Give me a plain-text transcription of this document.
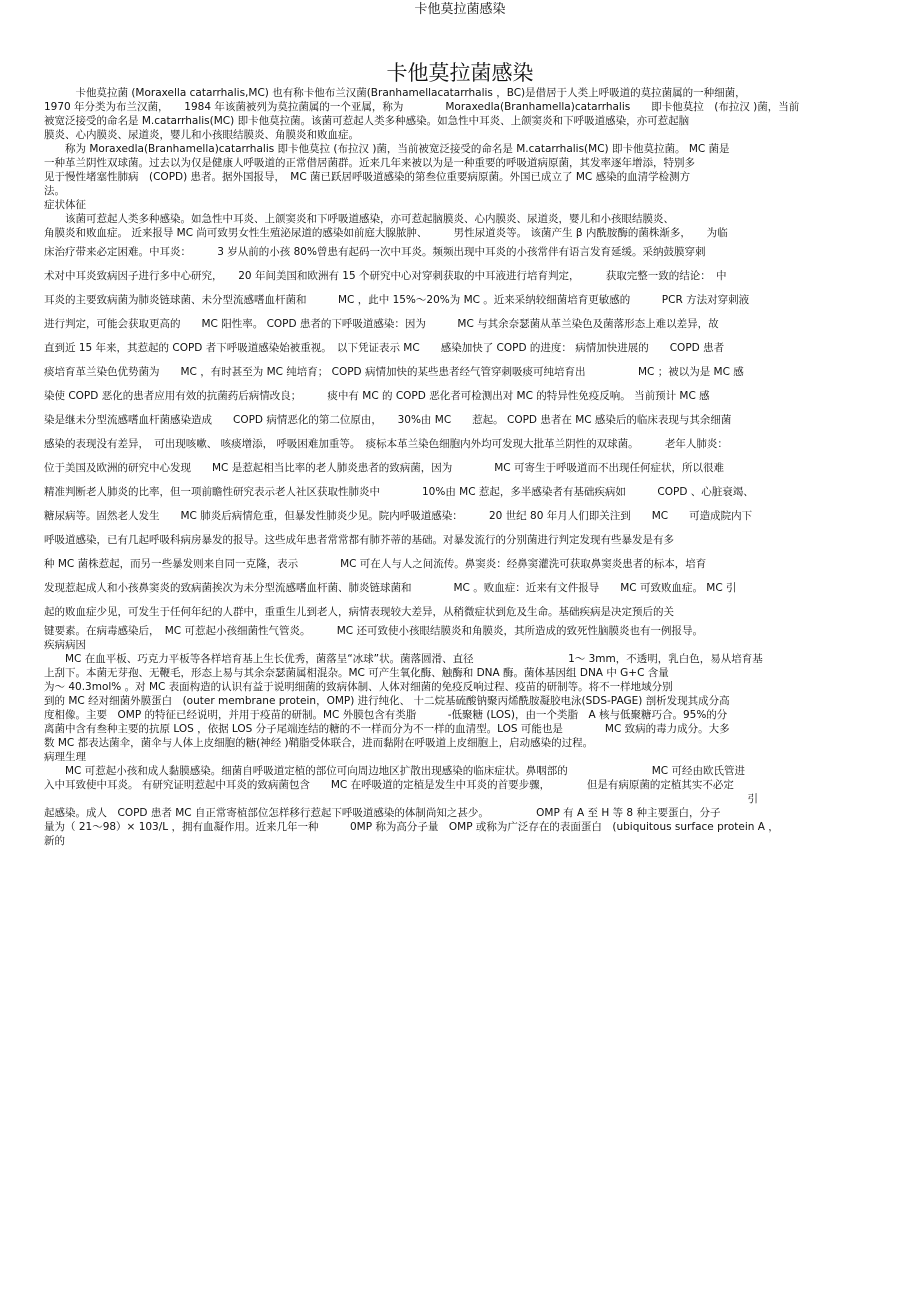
卡他莫拉菌感染
卡他莫拉菌感染

　　　卡他莫拉菌 (Moraxella catarrhalis,MC) 也有称卡他布兰汉菌(Branhamellacatarrhalis ，BC)是借居于人类上呼吸道的莫拉菌属的一种细菌，

1970 年分类为布兰汉菌，　　1984 年该菌被列为莫拉菌属的一个亚属，称为　　　　Moraxedla(Branhamella)catarrhalis　　即卡他莫拉　(布拉汉 )菌，当前

被宽泛接受的命名是 M.catarrhalis(MC) 即卡他莫拉菌。该菌可惹起人类多种感染。如急性中耳炎、上颌窦炎和下呼吸道感染，亦可惹起脑

膜炎、心内膜炎、尿道炎，婴儿和小孩眼结膜炎、角膜炎和败血症。

　　称为 Moraxedla(Branhamella)catarrhalis 即卡他莫拉 (布拉汉 )菌，当前被宽泛接受的命名是 M.catarrhalis(MC) 即卡他莫拉菌。 MC 菌是

一种革兰阴性双球菌。过去以为仅是健康人呼吸道的正常借居菌群。近来几年来被以为是一种重要的呼吸道病原菌，其发率逐年增添，特别多

见于慢性堵塞性肺病　(COPD) 患者。据外国报导，　MC 菌已跃居呼吸道感染的第叁位重要病原菌。外国已成立了 MC 感染的血清学检测方

法。

症状体征

　　该菌可惹起人类多种感染。如急性中耳炎、上颌窦炎和下呼吸道感染，亦可惹起脑膜炎、心内膜炎、尿道炎，婴儿和小孩眼结膜炎、

角膜炎和败血症。 近来报导 MC 尚可致男女性生殖泌尿道的感染如前庭大腺脓肿、　　　男性尿道炎等。 该菌产生 β 内酰胺酶的菌株渐多，　　为临

床治疗带来必定困难。中耳炎：　　　3 岁从前的小孩 80%曾患有起码一次中耳炎。频频出现中耳炎的小孩常伴有语言发育延缓。采纳鼓膜穿刺

术对中耳炎致病因子进行多中心研究，　　20 年间美国和欧洲有 15 个研究中心对穿刺获取的中耳液进行培育判定，　　　获取完整一致的结论：　中

耳炎的主要致病菌为肺炎链球菌、未分型流感嗜血杆菌和　　　MC ，此中 15%～20%为 MC 。近来采纳较细菌培育更敏感的　　　PCR 方法对穿刺液

进行判定，可能会获取更高的　　MC 阳性率。 COPD 患者的下呼吸道感染：因为　　　MC 与其余奈瑟菌从革兰染色及菌落形态上难以差异，故

直到近 15 年来，其惹起的 COPD 者下呼吸道感染始被重视。　以下凭证表示 MC　　感染加快了 COPD 的进度： 病情加快进展的　　COPD 患者

痰培育革兰染色优势菌为　　MC ，有时甚至为 MC 纯培育； COPD 病情加快的某些患者经气管穿刺吸痰可纯培育出　　　　　MC ；被以为是 MC 感

染使 COPD 恶化的患者应用有效的抗菌药后病情改良；　　　痰中有 MC 的 COPD 恶化者可检测出对 MC 的特异性免疫反响。 当前预计 MC 感

染是继未分型流感嗜血杆菌感染造成　　COPD 病情恶化的第二位原由，　　30%由 MC　　惹起。 COPD 患者在 MC 感染后的临床表现与其余细菌

感染的表现没有差异，　可出现咳嗽、 咳痰增添， 呼吸困难加重等。　痰标本革兰染色细胞内外均可发现大批革兰阴性的双球菌。　　　老年人肺炎：

位于美国及欧洲的研究中心发现　　MC 是惹起相当比率的老人肺炎患者的致病菌，因为　　　　MC 可寄生于呼吸道而不出现任何症状，所以很难

精准判断老人肺炎的比率，但一项前瞻性研究表示老人社区获取性肺炎中　　　　10%由 MC 惹起，多半感染者有基础疾病如　　　COPD 、心脏衰竭、

糖尿病等。固然老人发生　　MC 肺炎后病情危重，但暴发性肺炎少见。院内呼吸道感染：　　　20 世纪 80 年月人们即关注到　　MC　　可造成院内下

呼吸道感染，已有几起呼吸科病房暴发的报导。这些成年患者常常都有肺芥蒂的基础。对暴发流行的分别菌进行判定发现有些暴发是有多

种 MC 菌株惹起，而另一些暴发则来自同一克隆，表示　　　　MC 可在人与人之间流传。鼻窦炎：经鼻窦灌洗可获取鼻窦炎患者的标本，培育

发现惹起成人和小孩鼻窦炎的致病菌挨次为未分型流感嗜血杆菌、肺炎链球菌和　　　　MC 。败血症：近来有文件报导　　MC 可致败血症。 MC 引

起的败血症少见，可发生于任何年纪的人群中，重重生儿到老人，病情表现较大差异，从稍微症状到危及生命。基础疾病是决定预后的关

键要素。在病毒感染后，　MC 可惹起小孩细菌性气管炎。　　　MC 还可致使小孩眼结膜炎和角膜炎，其所造成的致死性脑膜炎也有一例报导。

疾病病因

　　MC 在血平板、巧克力平板等各样培育基上生长优秀，菌落呈“冰球”状。菌落圆滑、直径　　　　　　　　　1～ 3mm，不透明，乳白色，易从培育基

上刮下。本菌无芽孢、无鞭毛，形态上易与其余奈瑟菌属相混杂。MC 可产生氧化酶、触酶和 DNA 酶。菌体基因组 DNA 中 G+C 含量

为～ 40.3mol% 。对 MC 表面构造的认识有益于说明细菌的致病体制、人体对细菌的免疫反响过程、疫苗的研制等。将不一样地域分别

到的 MC 经对细菌外膜蛋白　(outer membrane protein，OMP) 进行纯化、 十二烷基硫酸钠聚丙烯酰胺凝胶电泳(SDS-PAGE) 剖析发现其成分高

度相像。主要　OMP 的特征已经说明，并用于疫苗的研制。MC 外膜包含有类脂　　　-低聚糖 (LOS)，由一个类脂　A 核与低聚糖巧合。95%的分

离菌中含有叁种主要的抗原 LOS ，依据 LOS 分子尾端连结的糖的不一样而分为不一样的血清型。LOS 可能也是　　　　MC 致病的毒力成分。大多

数 MC 都表达菌伞，菌伞与人体上皮细胞的糖(神经 )鞘脂受体联合，进而黏附在呼吸道上皮细胞上，启动感染的过程。

病理生理

　　MC 可惹起小孩和成人黏膜感染。细菌自呼吸道定植的部位可向周边地区扩散出现感染的临床症状。鼻咽部的　　　　　　　　MC 可经由欧氏管进

入中耳致使中耳炎。 有研究证明惹起中耳炎的致病菌包含　　MC 在呼吸道的定植是发生中耳炎的首要步骤，　　　　但是有病原菌的定植其实不必定

　　　　　　　　　　　　　　　　　　　　　　　　　　　　　　　　　　　　　　　　　　　　　　　　　　　　　　　　　　　　　　　　　　　引

起感染。成人　COPD 患者 MC 自正常寄植部位怎样移行惹起下呼吸道感染的体制尚知之甚少。　　　　　OMP 有 A 至 H 等 8 种主要蛋白，分子

量为（ 21～98）× 103/L ，拥有血凝作用。近来几年一种　　　0MP 称为高分子量　OMP 或称为广泛存在的表面蛋白　(ubiquitous surface protein A ，

新的
